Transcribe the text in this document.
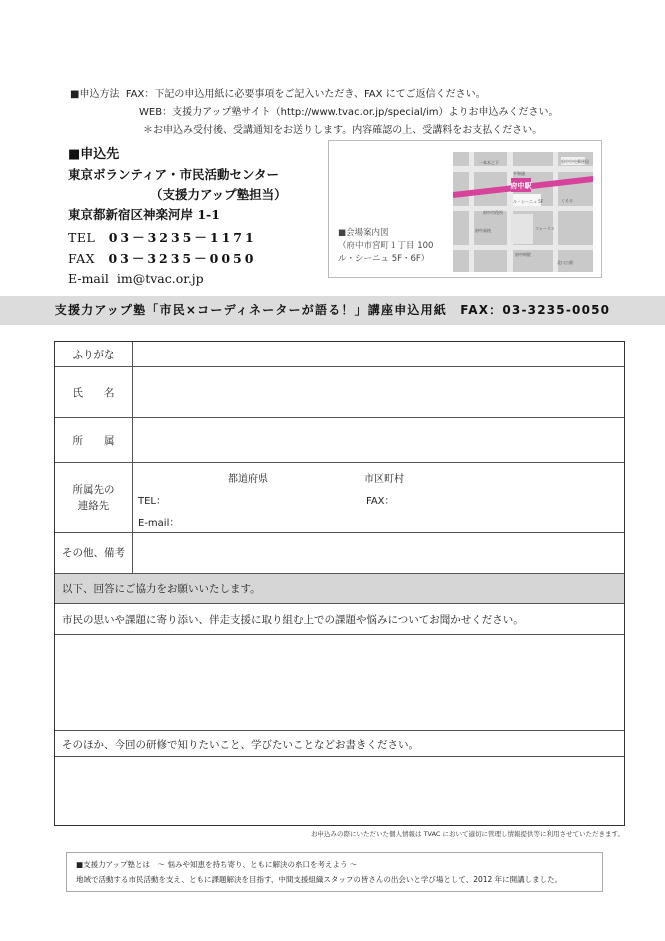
■申込方法 FAX：下記の申込用紙に必要事項をご記入いただき、FAX にてご返信ください。
WEB：支援力アップ塾サイト（http://www.tvac.or.jp/special/im）よりお申込みください。
＊お申込み受付後、受講通知をお送りします。内容確認の上、受講料をお支払ください。
■申込先
東京ボランティア・市民活動センター
（支援力アップ塾担当）
東京都新宿区神楽河岸 1-1
TEL 03－3235－1171
FAX 03－3235－0050
E-mail im@tvac.or.jp
府中駅
府中中央郵便局
一本木之下
平和通
ル・シーニュ 5F
府中市役所
くるる
府中高校	フォーリス
府中病院
北口公園
■会場案内図
（府中市宮町１丁目 100
ル・シーニュ 5F・6F）
支援力アップ塾「市民×コーディネーターが語る！」講座申込用紙　FAX：03-3235-0050
ふりがな
氏　　名
所　　属
所属先の
連絡先
都道府県	市区町村
TEL：	FAX：
E-mail：
その他、備考
以下、回答にご協力をお願いいたします。
市民の思いや課題に寄り添い、伴走支援に取り組む上での課題や悩みについてお聞かせください。
そのほか、今回の研修で知りたいこと、学びたいことなどお書きください。
お申込みの際にいただいた個人情報は TVAC において適切に管理し情報提供等に利用させていただきます。
■支援力アップ塾とは　～ 悩みや知恵を持ち寄り、ともに解決の糸口を考えよう ～
地域で活動する市民活動を支え、ともに課題解決を目指す、中間支援組織スタッフの皆さんの出会いと学び場として、2012 年に開講しました。
